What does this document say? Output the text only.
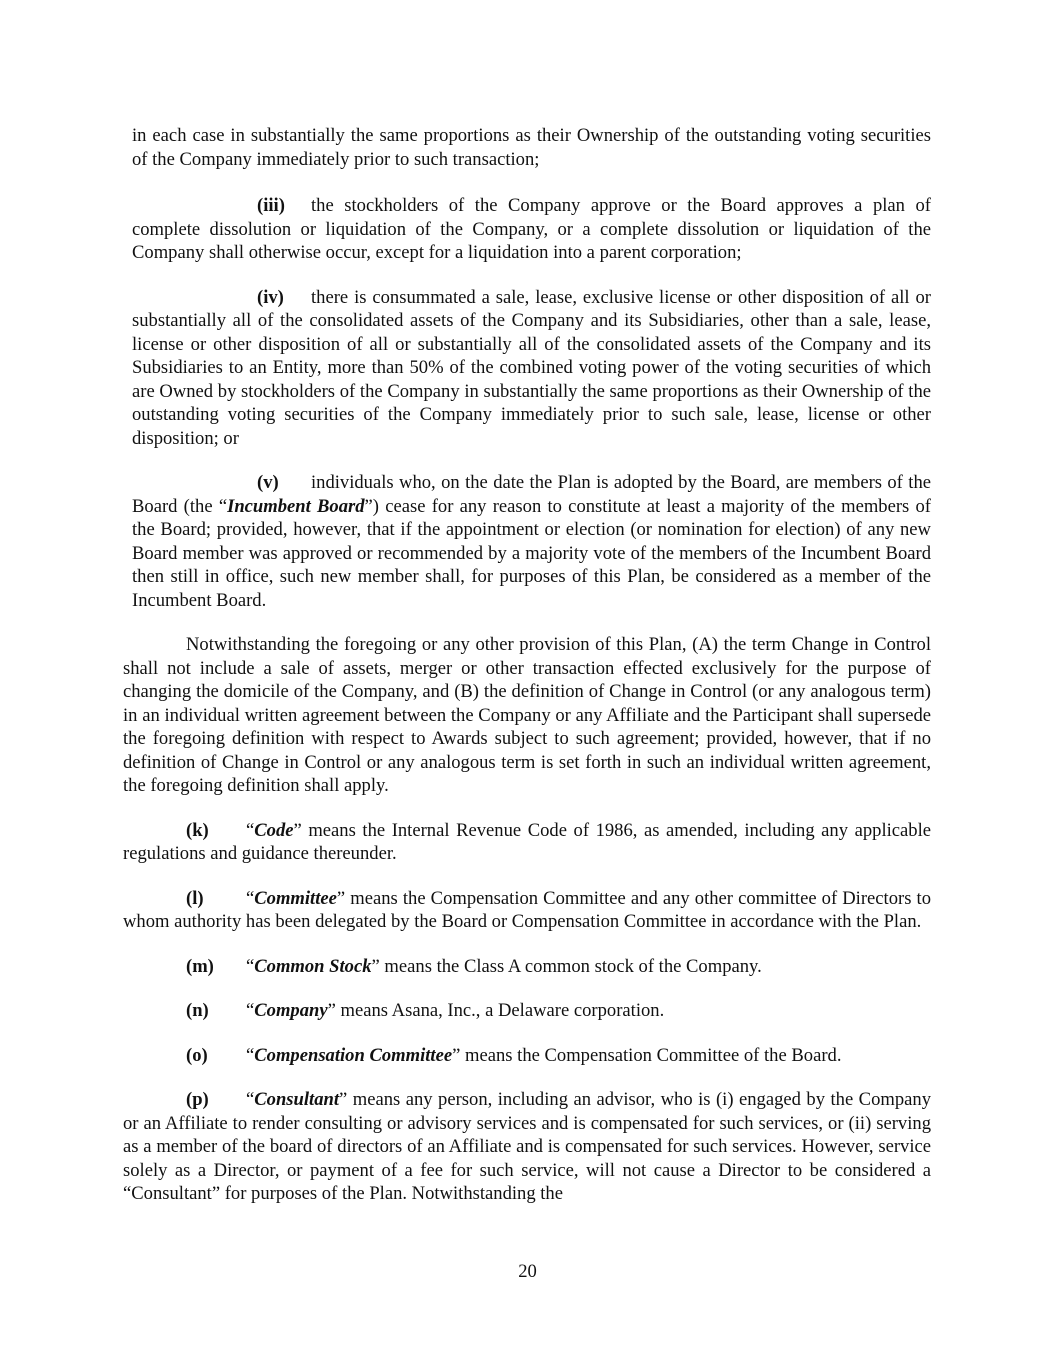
in each case in substantially the same proportions as their Ownership of the outstanding voting securities of the Company immediately prior to such transaction;

(iii) the stockholders of the Company approve or the Board approves a plan of complete dissolution or liquidation of the Company, or a complete dissolution or liquidation of the Company shall otherwise occur, except for a liquidation into a parent corporation;

(iv) there is consummated a sale, lease, exclusive license or other disposition of all or substantially all of the consolidated assets of the Company and its Subsidiaries, other than a sale, lease, license or other disposition of all or substantially all of the consolidated assets of the Company and its Subsidiaries to an Entity, more than 50% of the combined voting power of the voting securities of which are Owned by stockholders of the Company in substantially the same proportions as their Ownership of the outstanding voting securities of the Company immediately prior to such sale, lease, license or other disposition; or

(v) individuals who, on the date the Plan is adopted by the Board, are members of the Board (the “Incumbent Board”) cease for any reason to constitute at least a majority of the members of the Board; provided, however, that if the appointment or election (or nomination for election) of any new Board member was approved or recommended by a majority vote of the members of the Incumbent Board then still in office, such new member shall, for purposes of this Plan, be considered as a member of the Incumbent Board.

Notwithstanding the foregoing or any other provision of this Plan, (A) the term Change in Control shall not include a sale of assets, merger or other transaction effected exclusively for the purpose of changing the domicile of the Company, and (B) the definition of Change in Control (or any analogous term) in an individual written agreement between the Company or any Affiliate and the Participant shall supersede the foregoing definition with respect to Awards subject to such agreement; provided, however, that if no definition of Change in Control or any analogous term is set forth in such an individual written agreement, the foregoing definition shall apply.

(k) “Code” means the Internal Revenue Code of 1986, as amended, including any applicable regulations and guidance thereunder.

(l) “Committee” means the Compensation Committee and any other committee of Directors to whom authority has been delegated by the Board or Compensation Committee in accordance with the Plan.

(m) “Common Stock” means the Class A common stock of the Company.

(n) “Company” means Asana, Inc., a Delaware corporation.

(o) “Compensation Committee” means the Compensation Committee of the Board.

(p) “Consultant” means any person, including an advisor, who is (i) engaged by the Company or an Affiliate to render consulting or advisory services and is compensated for such services, or (ii) serving as a member of the board of directors of an Affiliate and is compensated for such services. However, service solely as a Director, or payment of a fee for such service, will not cause a Director to be considered a “Consultant” for purposes of the Plan. Notwithstanding the

20
